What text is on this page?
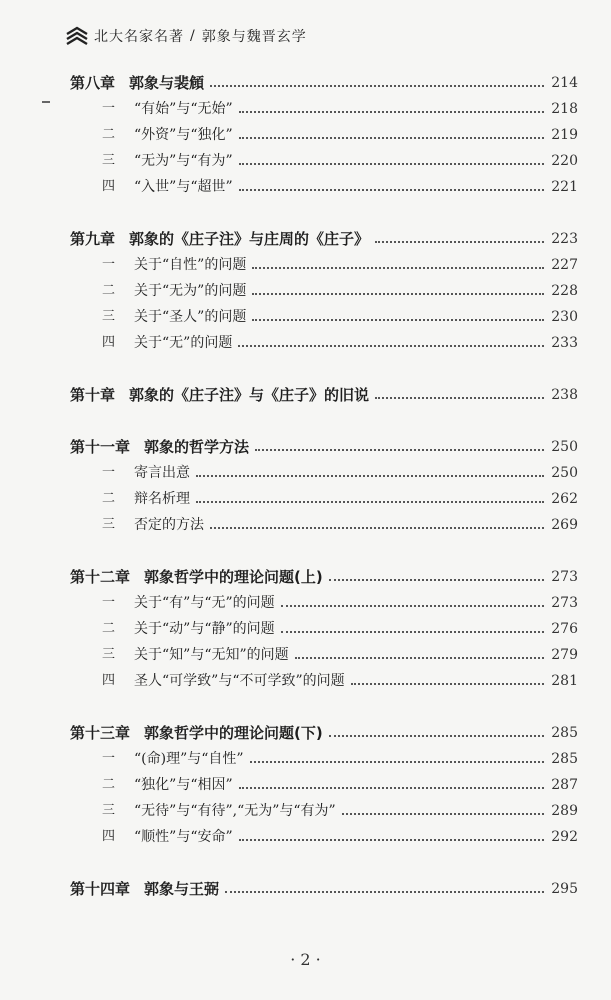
北大名家名著 / 郭象与魏晋玄学
第八章 郭象与裴頠	214
一	“有始”与“无始”	218
二	“外资”与“独化”	219
三	“无为”与“有为”	220
四	“入世”与“超世”	221
第九章 郭象的《庄子注》与庄周的《庄子》	223
一	关于“自性”的问题	227
二	关于“无为”的问题	228
三	关于“圣人”的问题	230
四	关于“无”的问题	233
第十章 郭象的《庄子注》与《庄子》的旧说	238
第十一章 郭象的哲学方法	250
一	寄言出意	250
二	辩名析理	262
三	否定的方法	269
第十二章 郭象哲学中的理论问题(上)	273
一	关于“有”与“无”的问题	273
二	关于“动”与“静”的问题	276
三	关于“知”与“无知”的问题	279
四	圣人“可学致”与“不可学致”的问题	281
第十三章 郭象哲学中的理论问题(下)	285
一	“(命)理”与“自性”	285
二	“独化”与“相因”	287
三	“无待”与“有待”,“无为”与“有为”	289
四	“顺性”与“安命”	292
第十四章 郭象与王弼	295
· 2 ·
